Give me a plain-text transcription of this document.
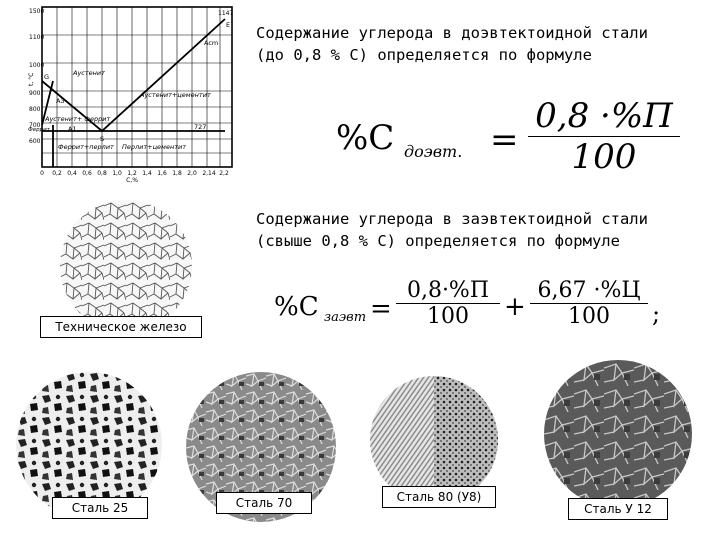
1500
1100
1000
900
800
700
600
t, °C
0 0,2 0,4 0,6 0,8 1,0 1,2 1,4 1,6 1,8 2,0 2,14 2,2
C,%
Аустенит
Аустенит+ феррит
Аустенит+цементит
Феррит+перлит Перлит+цементит
Феррит	727
1147
G
S
E
A3
A1
Acm
Содержание углерода в доэвтектоидной стали
(до 0,8 % С) определяется по формуле
%C доэвт. =
0,8 ·%П
100
Содержание углерода в заэвтектоидной стали
(свыше 0,8 % С) определяется по формуле
%C заэвт =
0,8·%П
100	+
6,67 ·%Ц
100	;
Техническое железо
Сталь 25	Сталь 70	Сталь 80 (У8)
Сталь У 12
